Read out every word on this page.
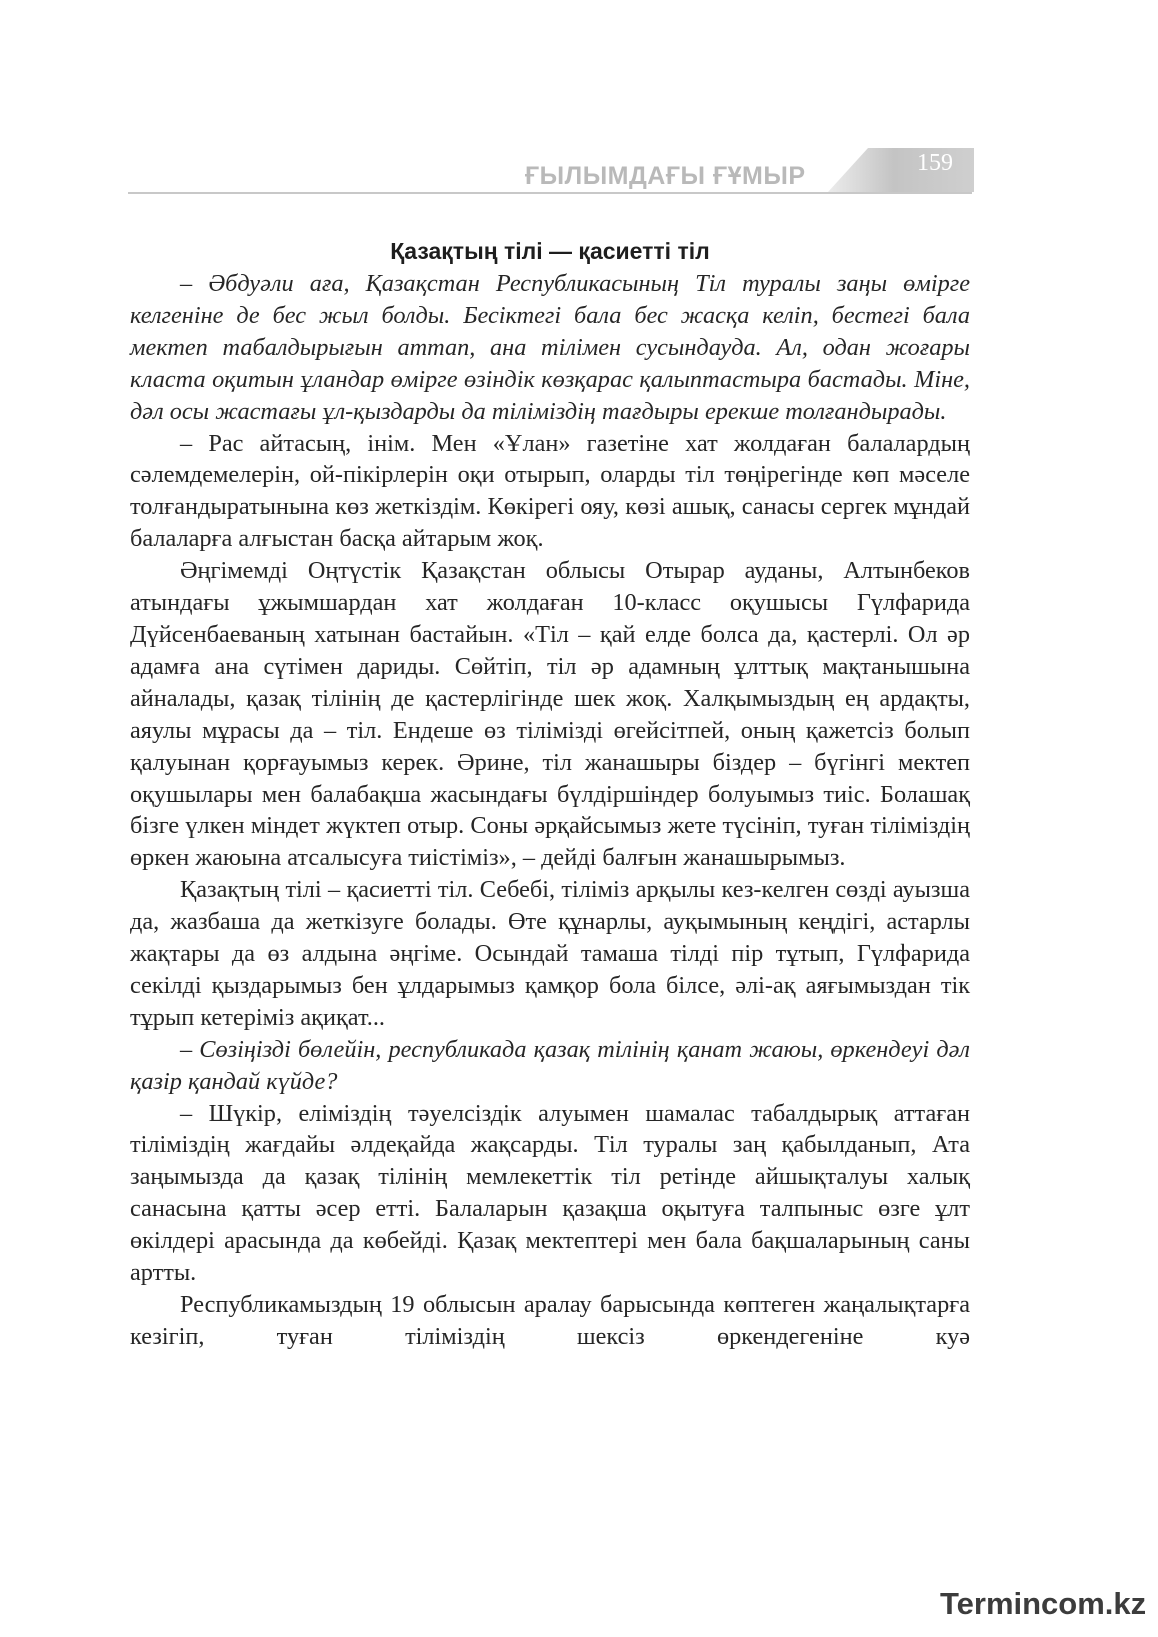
ҒЫЛЫМДАҒЫ ҒҰМЫР	159
Қазақтың тілі — қасиетті тіл

– Әбдуәли аға, Қазақстан Республикасының Тіл туралы заңы өмірге келгеніне де бес жыл болды. Бесіктегі бала бес жасқа келіп, бестегі бала мектеп табалдырығын аттап, ана тілімен сусындауда. Ал, одан жоғары класта оқитын ұландар өмірге өзіндік көзқарас қалыптастыра бастады. Міне, дәл осы жастағы ұл-қыздарды да тіліміздің тағдыры ерекше толғандырады.

– Рас айтасың, інім. Мен «Ұлан» газетіне хат жолдаған балалардың сәлемдемелерін, ой-пікірлерін оқи отырып, оларды тіл төңірегінде көп мәселе толғандыратынына көз жеткіздім. Көкірегі ояу, көзі ашық, санасы сергек мұндай балаларға алғыстан басқа айтарым жоқ.

Әңгімемді Оңтүстік Қазақстан облысы Отырар ауданы, Алтынбеков атындағы ұжымшардан хат жолдаған 10-класс оқушысы Гүлфарида Дүйсенбаеваның хатынан бастайын. «Тіл – қай елде болса да, қастерлі. Ол әр адамға ана сүтімен дариды. Сөйтіп, тіл әр адамның ұлттық мақтанышына айналады, қазақ тілінің де қастерлігінде шек жоқ. Халқымыздың ең ардақты, аяулы мұрасы да – тіл. Ендеше өз тілімізді өгейсітпей, оның қажетсіз болып қалуынан қорғауымыз керек. Әрине, тіл жанашыры біздер – бүгінгі мектеп оқушылары мен балабақша жасындағы бүлдіршіндер болуымыз тиіс. Болашақ бізге үлкен міндет жүктеп отыр. Соны әрқайсымыз жете түсініп, туған тіліміздің өркен жаюына атсалысуға тиістіміз», – дейді балғын жанашырымыз.

Қазақтың тілі – қасиетті тіл. Себебі, тіліміз арқылы кез-келген сөзді ауызша да, жазбаша да жеткізуге болады. Өте құнарлы, ауқымының кеңдігі, астарлы жақтары да өз алдына әңгіме. Осындай тамаша тілді пір тұтып, Гүлфарида секілді қыздарымыз бен ұлдарымыз қамқор бола білсе, әлі-ақ аяғымыздан тік тұрып кетеріміз ақиқат...

– Сөзіңізді бөлейін, республикада қазақ тілінің қанат жаюы, өркендеуі дәл қазір қандай күйде?

– Шүкір, еліміздің тәуелсіздік алуымен шамалас табалдырық аттаған тіліміздің жағдайы әлдеқайда жақсарды. Тіл туралы заң қабылданып, Ата заңымызда да қазақ тілінің мемлекеттік тіл ретінде айшықталуы халық санасына қатты әсер етті. Балаларын қазақша оқытуға талпыныс өзге ұлт өкілдері арасында да көбейді. Қазақ мектептері мен бала бақшаларының саны артты.

Республикамыздың 19 облысын аралау барысында көптеген жаңалықтарға кезігіп, туған тіліміздің шексіз өркендегеніне куә

Termincom.kz
